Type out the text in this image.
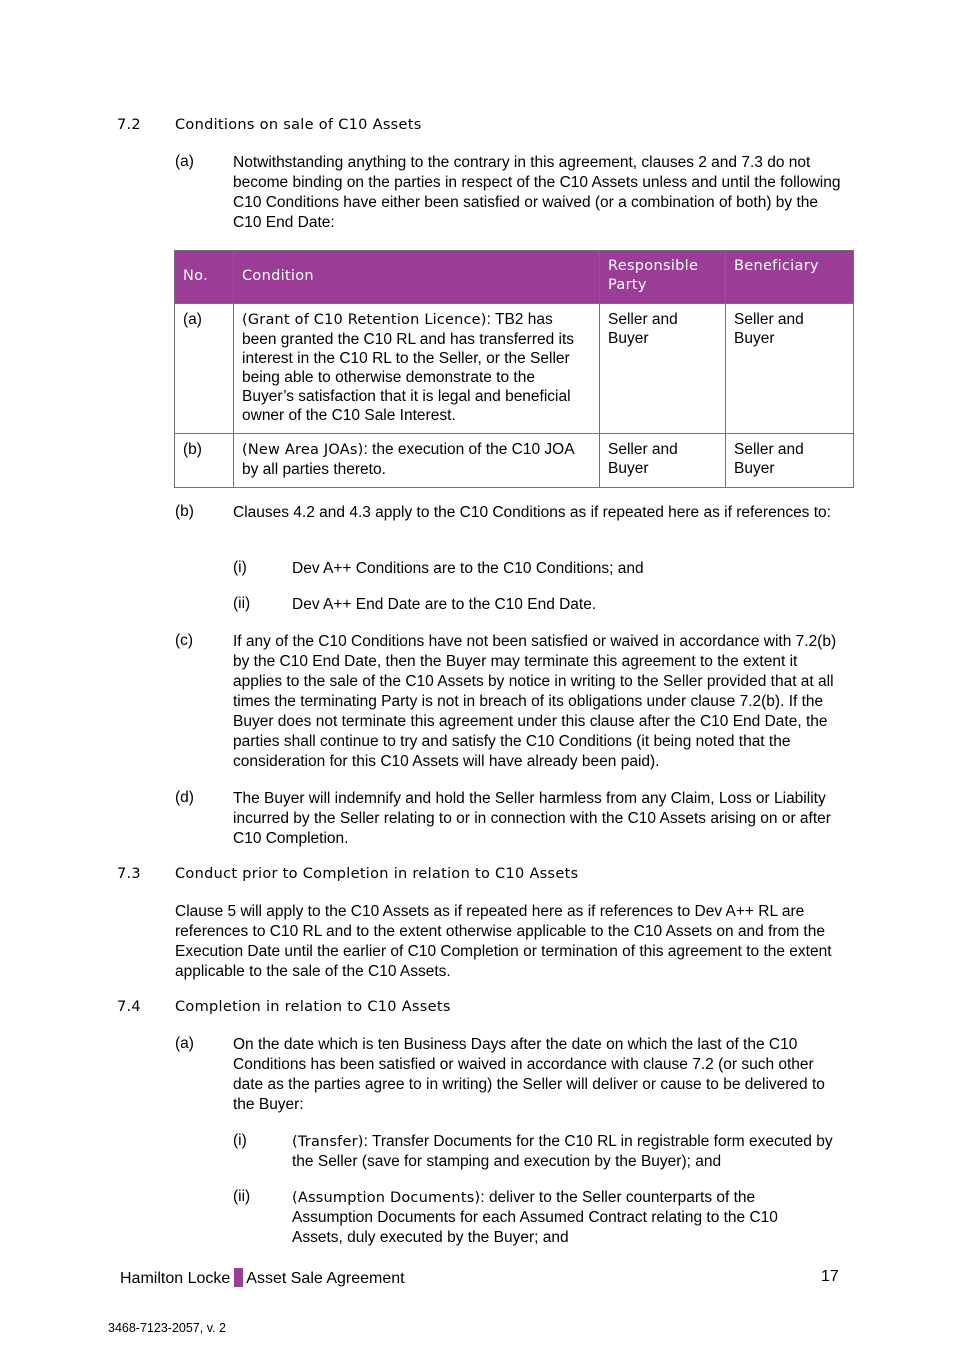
7.2 Conditions on sale of C10 Assets
(a)	Notwithstanding anything to the contrary in this agreement, clauses 2 and 7.3 do not become binding on the parties in respect of the C10 Assets unless and until the following C10 Conditions have either been satisfied or waived (or a combination of both) by the C10 End Date:
No.	Condition	Responsible Party	Beneficiary
(a)	(Grant of C10 Retention Licence): TB2 has been granted the C10 RL and has transferred its interest in the C10 RL to the Seller, or the Seller being able to otherwise demonstrate to the Buyer’s satisfaction that it is legal and beneficial owner of the C10 Sale Interest.	Seller and Buyer	Seller and Buyer
(b)	(New Area JOAs): the execution of the C10 JOA by all parties thereto.	Seller and Buyer	Seller and Buyer
(b)	Clauses 4.2 and 4.3 apply to the C10 Conditions as if repeated here as if references to:
(i)	Dev A++ Conditions are to the C10 Conditions; and
(ii)	Dev A++ End Date are to the C10 End Date.
(c)	If any of the C10 Conditions have not been satisfied or waived in accordance with 7.2(b) by the C10 End Date, then the Buyer may terminate this agreement to the extent it applies to the sale of the C10 Assets by notice in writing to the Seller provided that at all times the terminating Party is not in breach of its obligations under clause 7.2(b). If the Buyer does not terminate this agreement under this clause after the C10 End Date, the parties shall continue to try and satisfy the C10 Conditions (it being noted that the consideration for this C10 Assets will have already been paid).
(d)	The Buyer will indemnify and hold the Seller harmless from any Claim, Loss or Liability incurred by the Seller relating to or in connection with the C10 Assets arising on or after C10 Completion.
7.3 Conduct prior to Completion in relation to C10 Assets
Clause 5 will apply to the C10 Assets as if repeated here as if references to Dev A++ RL are references to C10 RL and to the extent otherwise applicable to the C10 Assets on and from the Execution Date until the earlier of C10 Completion or termination of this agreement to the extent applicable to the sale of the C10 Assets.
7.4 Completion in relation to C10 Assets
(a)	On the date which is ten Business Days after the date on which the last of the C10 Conditions has been satisfied or waived in accordance with clause 7.2 (or such other date as the parties agree to in writing) the Seller will deliver or cause to be delivered to the Buyer:
(i)	(Transfer): Transfer Documents for the C10 RL in registrable form executed by the Seller (save for stamping and execution by the Buyer); and
(ii)	(Assumption Documents): deliver to the Seller counterparts of the Assumption Documents for each Assumed Contract relating to the C10 Assets, duly executed by the Buyer; and
Hamilton Locke Asset Sale Agreement	17
3468-7123-2057, v. 2
